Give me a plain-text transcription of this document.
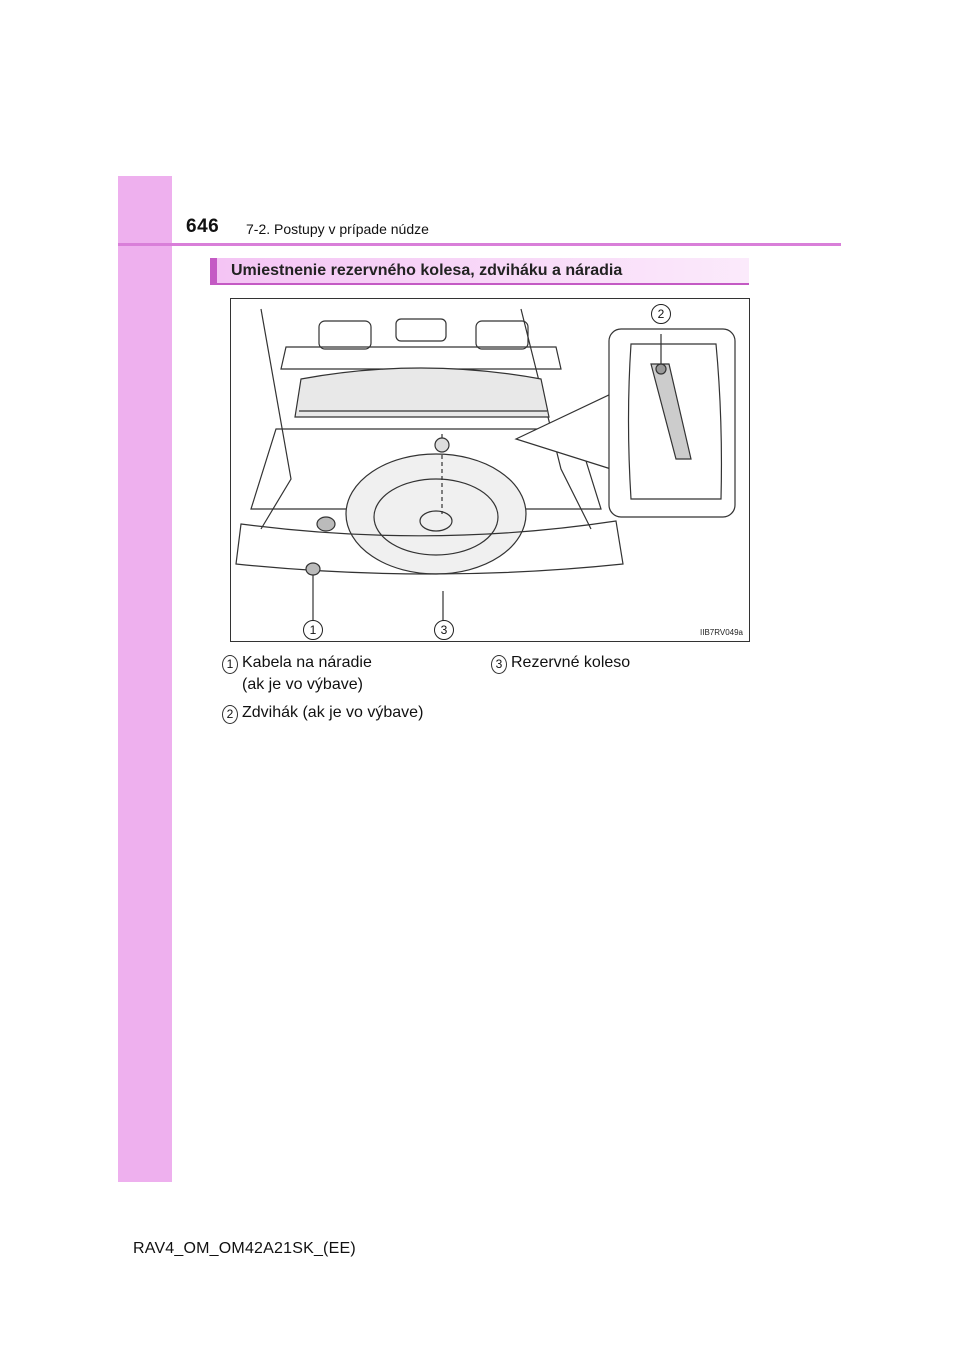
646 7-2. Postupy v prípade núdze
Umiestnenie rezervného kolesa, zdviháku a náradia
2
1	3	IIB7RV049a
1 Kabela na náradie
(ak je vo výbave)
2 Zdvihák (ak je vo výbave)
3 Rezervné koleso
RAV4_OM_OM42A21SK_(EE)
